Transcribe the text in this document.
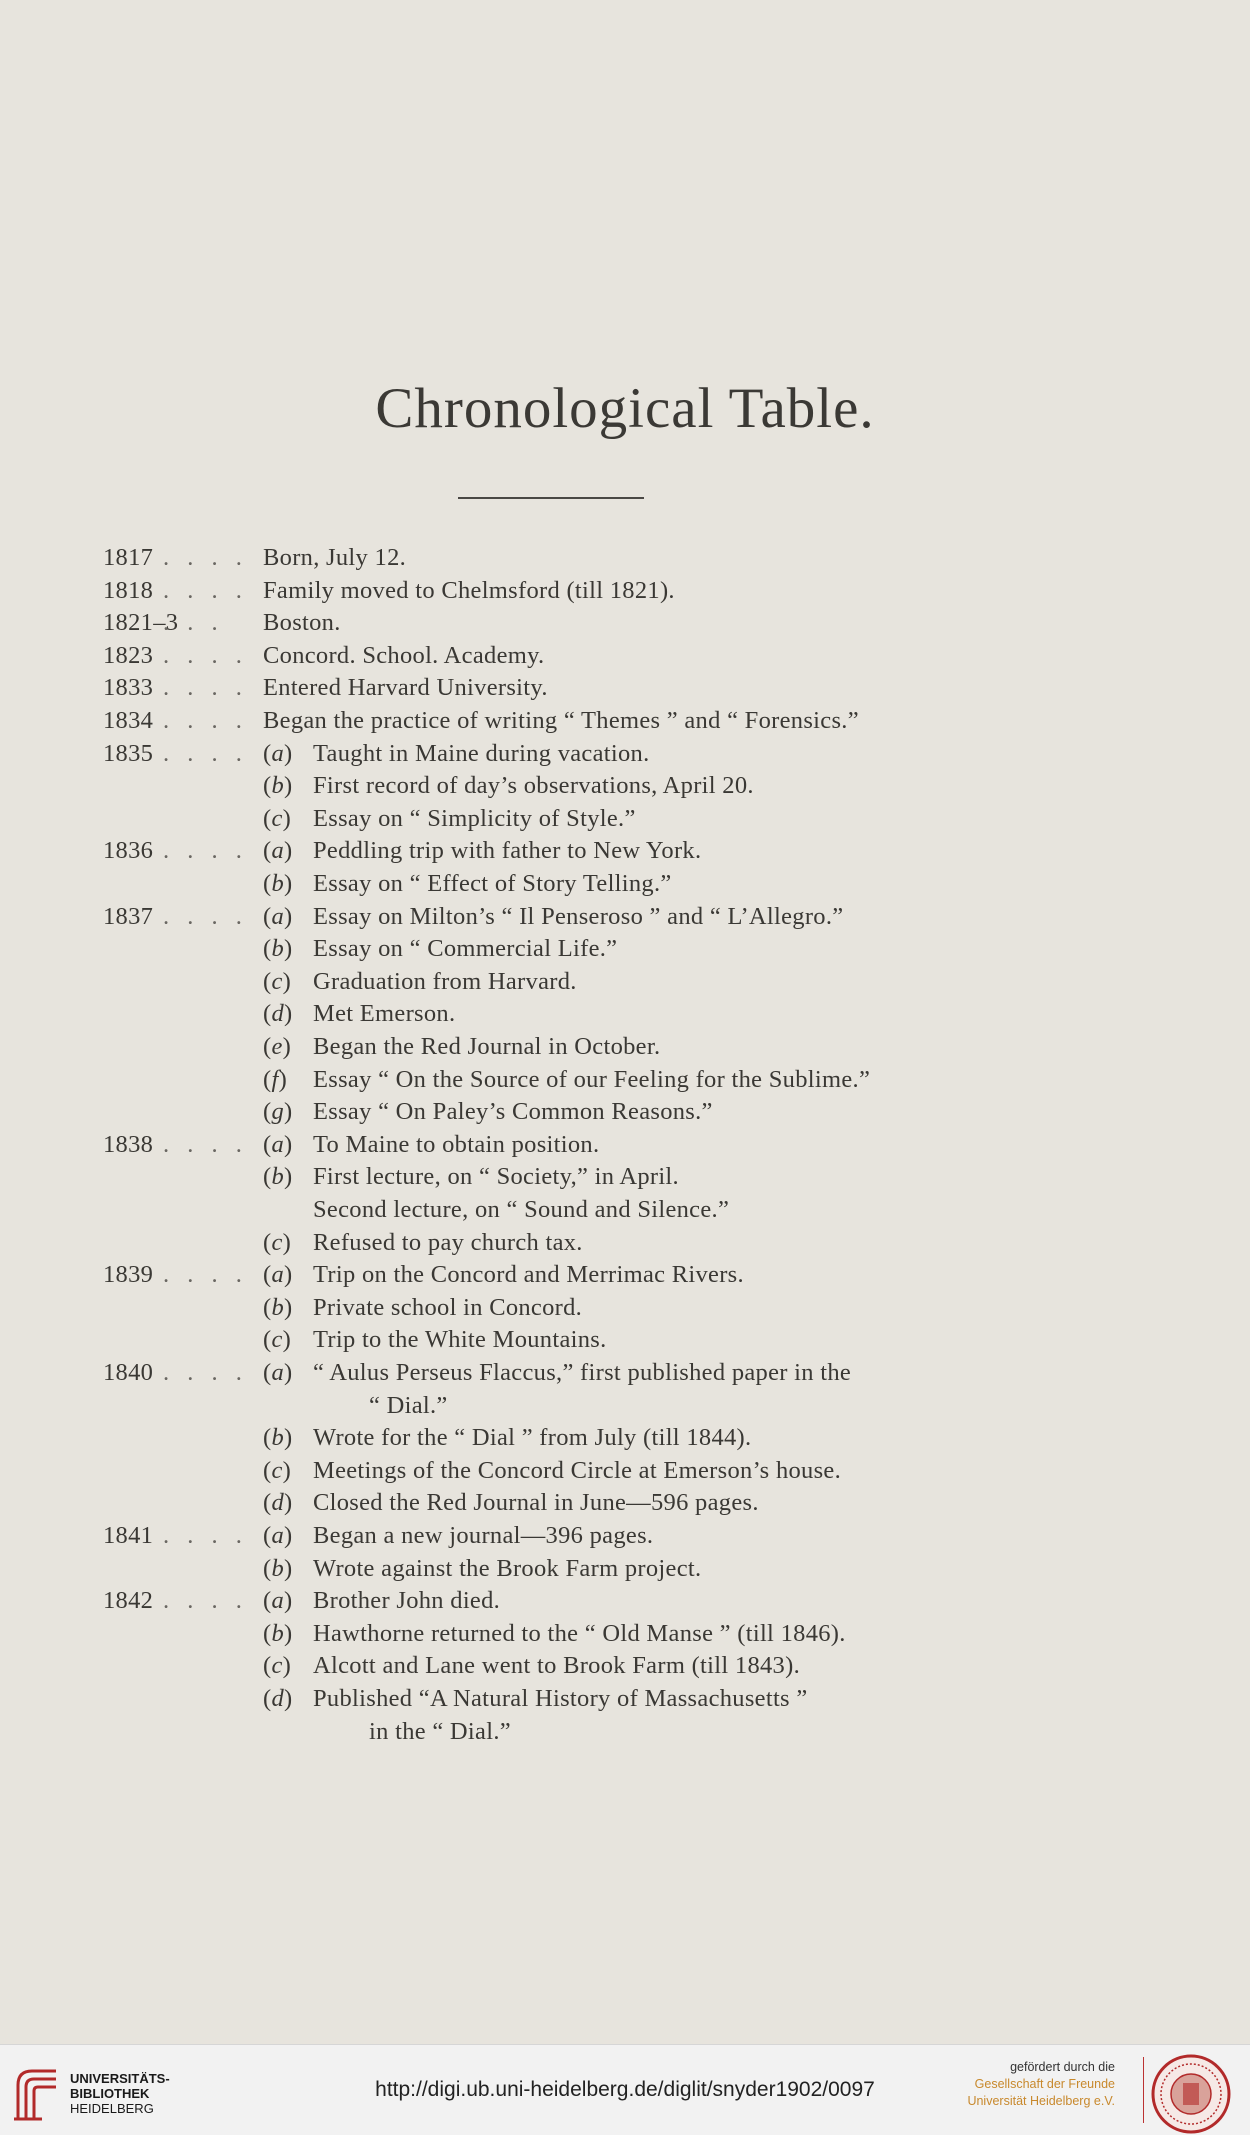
Chronological Table.
1817 . . . . Born, July 12.
1818 . . . . Family moved to Chelmsford (till 1821).
1821–3
. . . Boston.
1823 . . . . Concord. School. Academy.
1833 . . . . Entered Harvard University.
1834 . . . . Began the practice of writing “ Themes ” and “ Forensics.”
1835 . . . . (a) Taught in Maine during vacation.
(b) First record of day’s observations, April 20.
(c) Essay on “ Simplicity of Style.”
1836 . . . . (a) Peddling trip with father to New York.
(b) Essay on “ Effect of Story Telling.”
1837 . . . . (a) Essay on Milton’s “ Il Penseroso ” and “ L’Allegro.”
(b) Essay on “ Commercial Life.”
(c) Graduation from Harvard.
(d) Met Emerson.
(e) Began the Red Journal in October.
(f) Essay “ On the Source of our Feeling for the Sublime.”
(g) Essay “ On Paley’s Common Reasons.”
1838 . . . . (a) To Maine to obtain position.
(b) First lecture, on “ Society,” in April.
Second lecture, on “ Sound and Silence.”
(c) Refused to pay church tax.
1839 . . . . (a) Trip on the Concord and Merrimac Rivers.
(b) Private school in Concord.
(c) Trip to the White Mountains.
1840 . . . . (a) “ Aulus Perseus Flaccus,” first published paper in the
“ Dial.”
(b) Wrote for the “ Dial ” from July (till 1844).
(c) Meetings of the Concord Circle at Emerson’s house.
(d) Closed the Red Journal in June—596 pages.
1841 . . . . (a) Began a new journal—396 pages.
(b) Wrote against the Brook Farm project.
1842 . . . . (a) Brother John died.
(b) Hawthorne returned to the “ Old Manse ” (till 1846).
(c) Alcott and Lane went to Brook Farm (till 1843).
(d) Published “A Natural History of Massachusetts ”
in the “ Dial.”
UNIVERSITÄTS-
BIBLIOTHEK
HEIDELBERG
http://digi.ub.uni-heidelberg.de/diglit/snyder1902/0097
gefördert durch die
Gesellschaft der Freunde
Universität Heidelberg e.V.
